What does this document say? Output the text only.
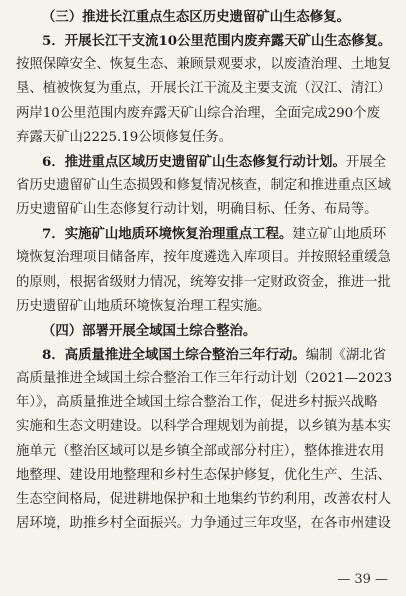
（三）推进长江重点生态区历史遗留矿山生态修复。
5．开展长江干支流10公里范围内废弃露天矿山生态修复。
按照保障安全、恢复生态、兼顾景观要求，以废渣治理、土地复
垦、植被恢复为重点，开展长江干流及主要支流（汉江、清江）
两岸10公里范围内废弃露天矿山综合治理，全面完成290个废
弃露天矿山2225.19公顷修复任务。
6．推进重点区域历史遗留矿山生态修复行动计划。开展全
省历史遗留矿山生态损毁和修复情况核查，制定和推进重点区域
历史遗留矿山生态修复行动计划，明确目标、任务、布局等。
7．实施矿山地质环境恢复治理重点工程。建立矿山地质环
境恢复治理项目储备库，按年度遴选入库项目。并按照轻重缓急
的原则，根据省级财力情况，统筹安排一定财政资金，推进一批
历史遗留矿山地质环境恢复治理工程实施。
（四）部署开展全域国土综合整治。
8．高质量推进全域国土综合整治三年行动。编制《湖北省
高质量推进全域国土综合整治工作三年行动计划（2021—2023
年）》，高质量推进全域国土综合整治工作，促进乡村振兴战略
实施和生态文明建设。以科学合理规划为前提，以乡镇为基本实
施单元（整治区域可以是乡镇全部或部分村庄），整体推进农用
地整理、建设用地整理和乡村生态保护修复，优化生产、生活、
生态空间格局，促进耕地保护和土地集约节约利用，改善农村人
居环境，助推乡村全面振兴。力争通过三年攻坚，在各市州建设
— 39 —
